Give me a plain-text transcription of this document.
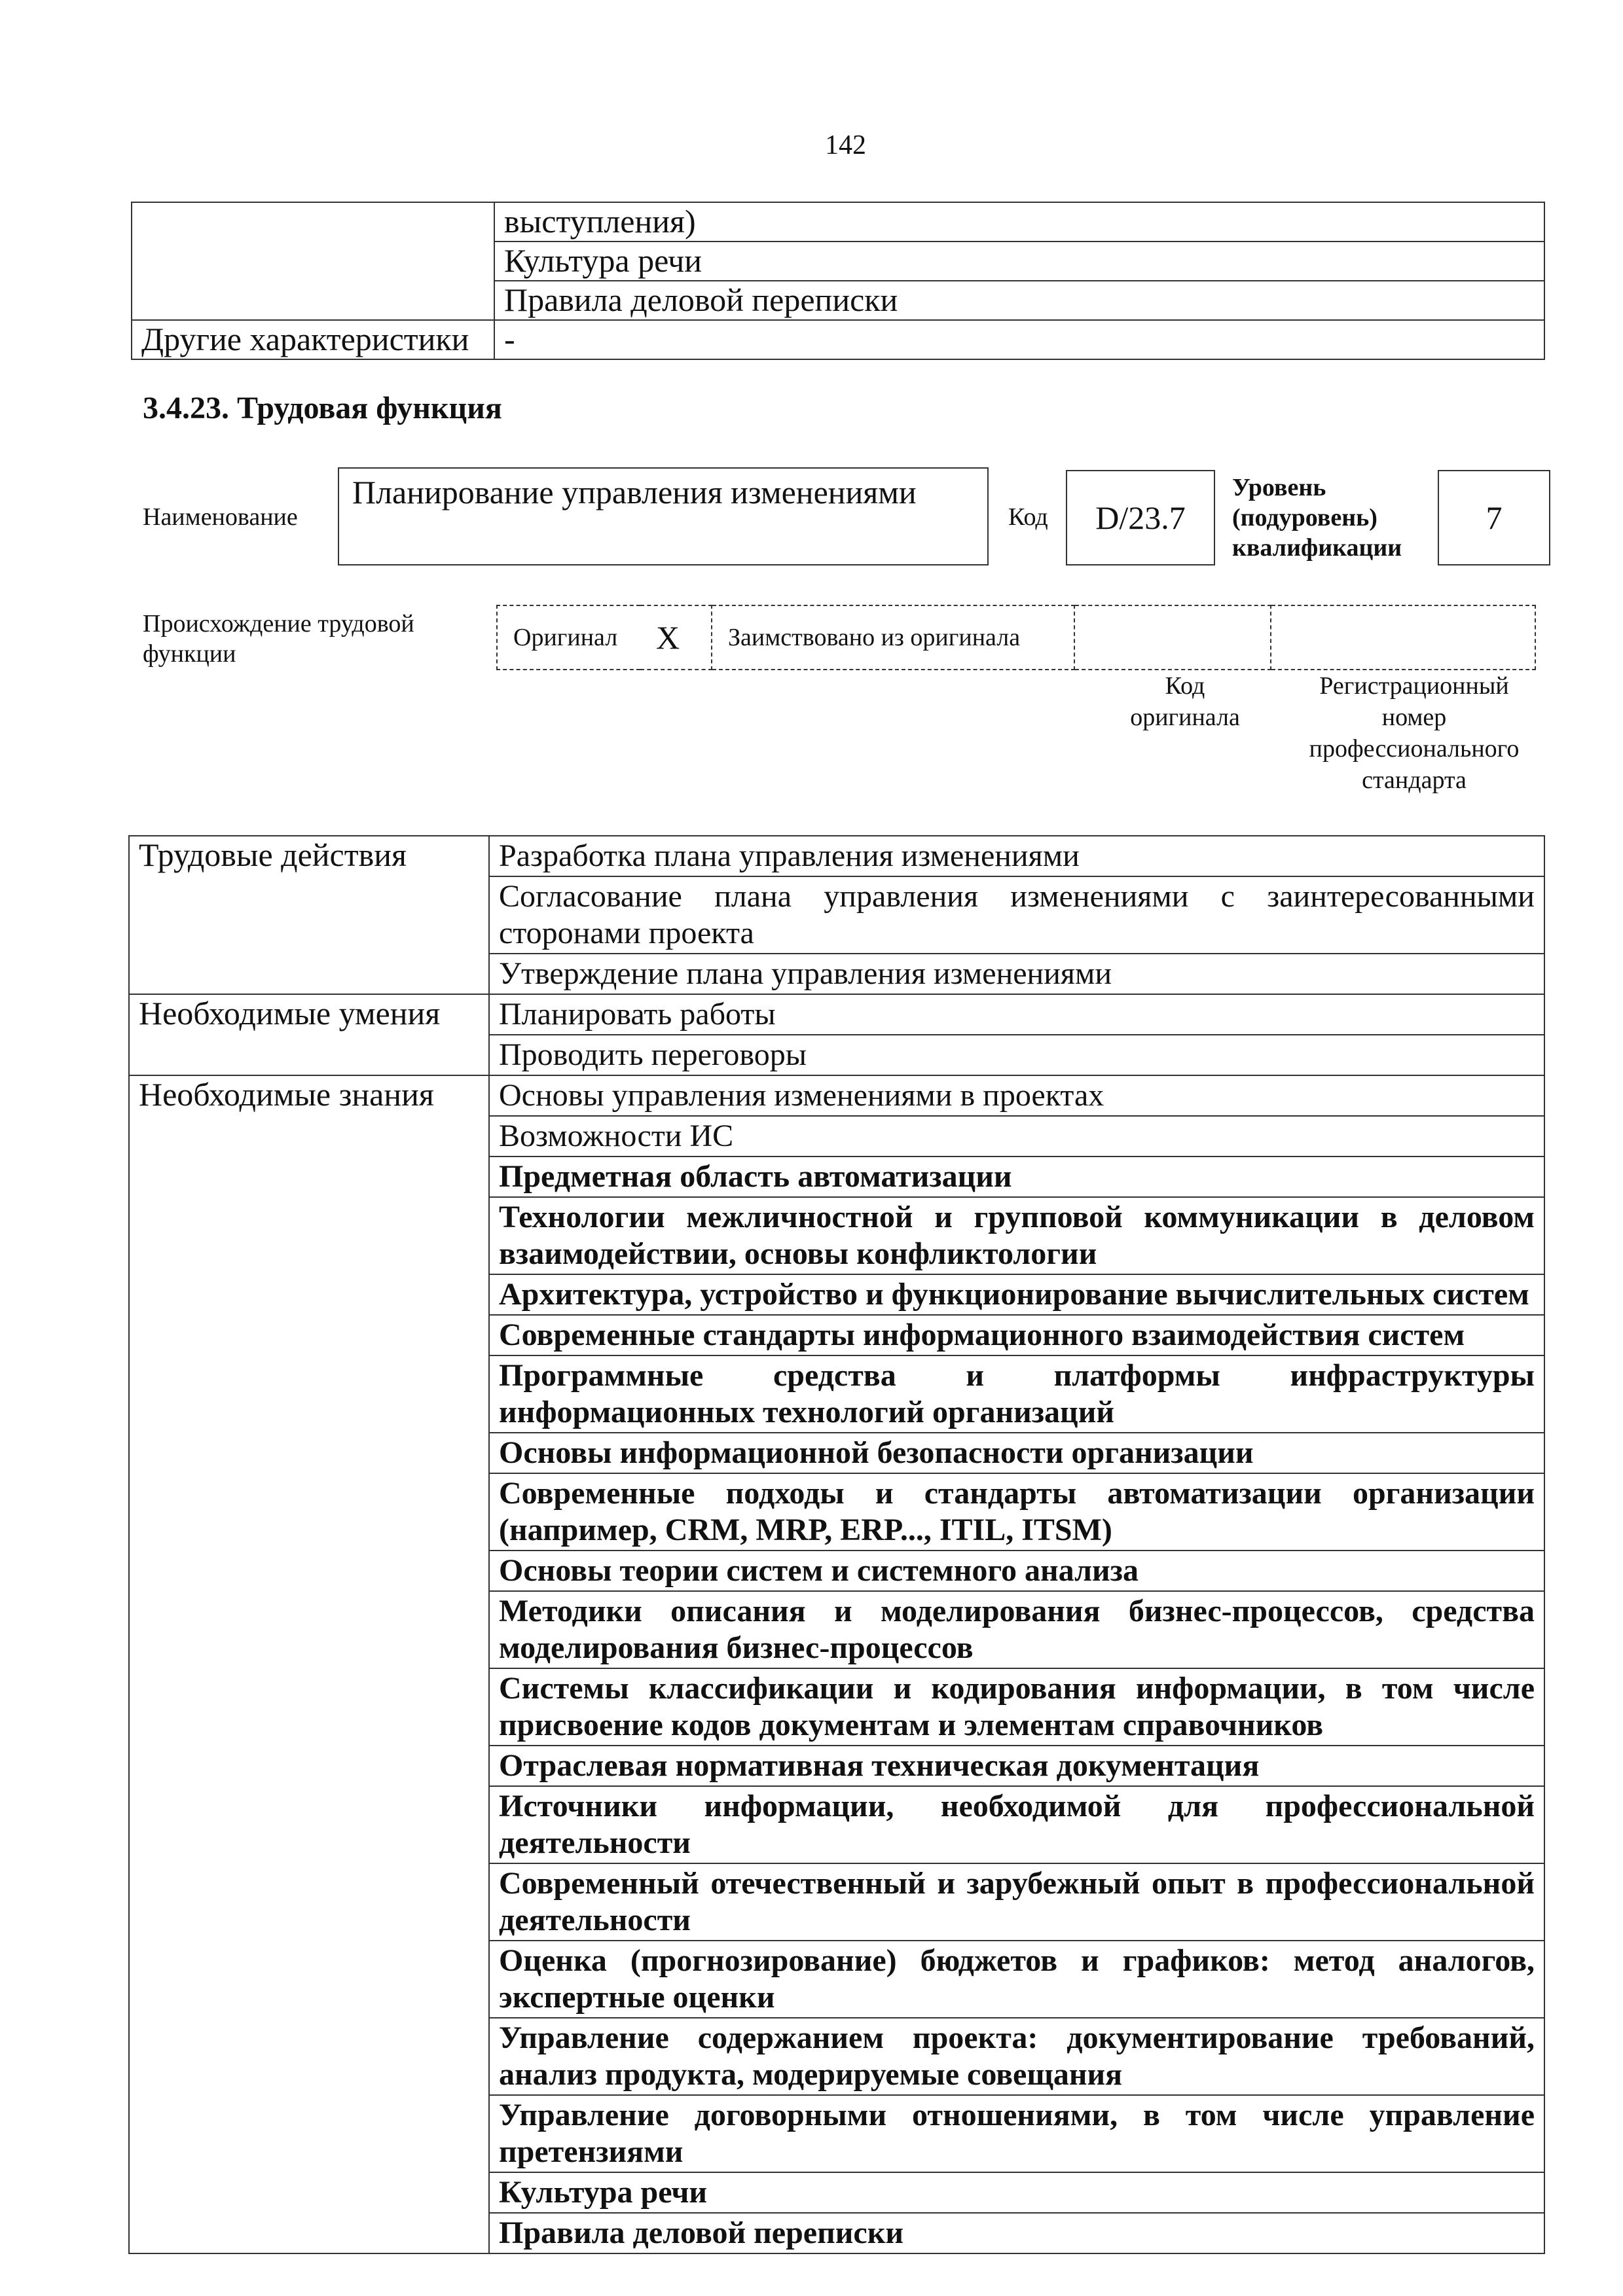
142
	выступления)
	Культура речи
	Правила деловой переписки
Другие характеристики	-
3.4.23. Трудовая функция
Наименование
Планирование управления изменениями
Код	D/23.7
Уровень
(подуровень)
квалификации
7
Происхождение трудовой
функции
Оригинал	X	Заимствовано из оригинала		
Код
оригинала
Регистрационный
номер
профессионального
стандарта
Трудовые действия	Разработка плана управления изменениями
	Согласование плана управления изменениями с заинтересованными сторонами проекта
	Утверждение плана управления изменениями
Необходимые умения	Планировать работы
	Проводить переговоры
Необходимые знания	Основы управления изменениями в проектах
	Возможности ИС
	Предметная область автоматизации
	Технологии межличностной и групповой коммуникации в деловом взаимодействии, основы конфликтологии
	Архитектура, устройство и функционирование вычислительных систем
	Современные стандарты информационного взаимодействия систем
	Программные средства и платформы инфраструктуры информационных технологий организаций
	Основы информационной безопасности организации
	Современные подходы и стандарты автоматизации организации (например, CRM, MRP, ERP..., ITIL, ITSM)
	Основы теории систем и системного анализа
	Методики описания и моделирования бизнес-процессов, средства моделирования бизнес-процессов
	Системы классификации и кодирования информации, в том числе присвоение кодов документам и элементам справочников
	Отраслевая нормативная техническая документация
	Источники информации, необходимой для профессиональной деятельности
	Современный отечественный и зарубежный опыт в профессиональной деятельности
	Оценка (прогнозирование) бюджетов и графиков: метод аналогов, экспертные оценки
	Управление содержанием проекта: документирование требований, анализ продукта, модерируемые совещания
	Управление договорными отношениями, в том числе управление претензиями
	Культура речи
	Правила деловой переписки
